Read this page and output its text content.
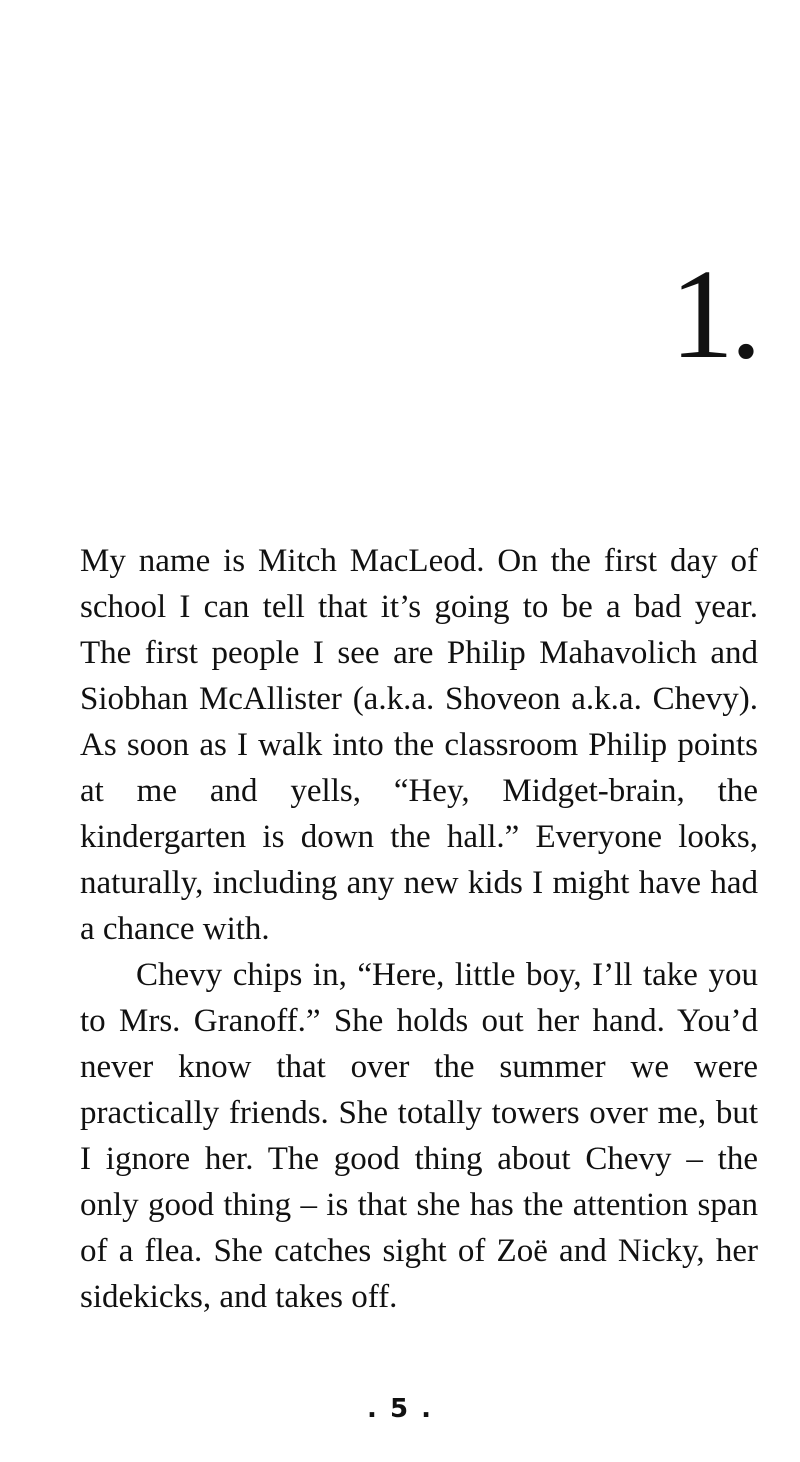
1.

My name is Mitch MacLeod. On the first day of school I can tell that it’s going to be a bad year. The first people I see are Philip Mahavolich and Siobhan McAllister (a.k.a. Shoveon a.k.a. Chevy). As soon as I walk into the classroom Philip points at me and yells, “Hey, Midget-brain, the kindergarten is down the hall.” Everyone looks, naturally, including any new kids I might have had a chance with.

Chevy chips in, “Here, little boy, I’ll take you to Mrs. Granoff.” She holds out her hand. You’d never know that over the summer we were practically friends. She totally towers over me, but I ignore her. The good thing about Chevy – the only good thing – is that she has the attention span of a flea. She catches sight of Zoë and Nicky, her sidekicks, and takes off.

. 5 .
